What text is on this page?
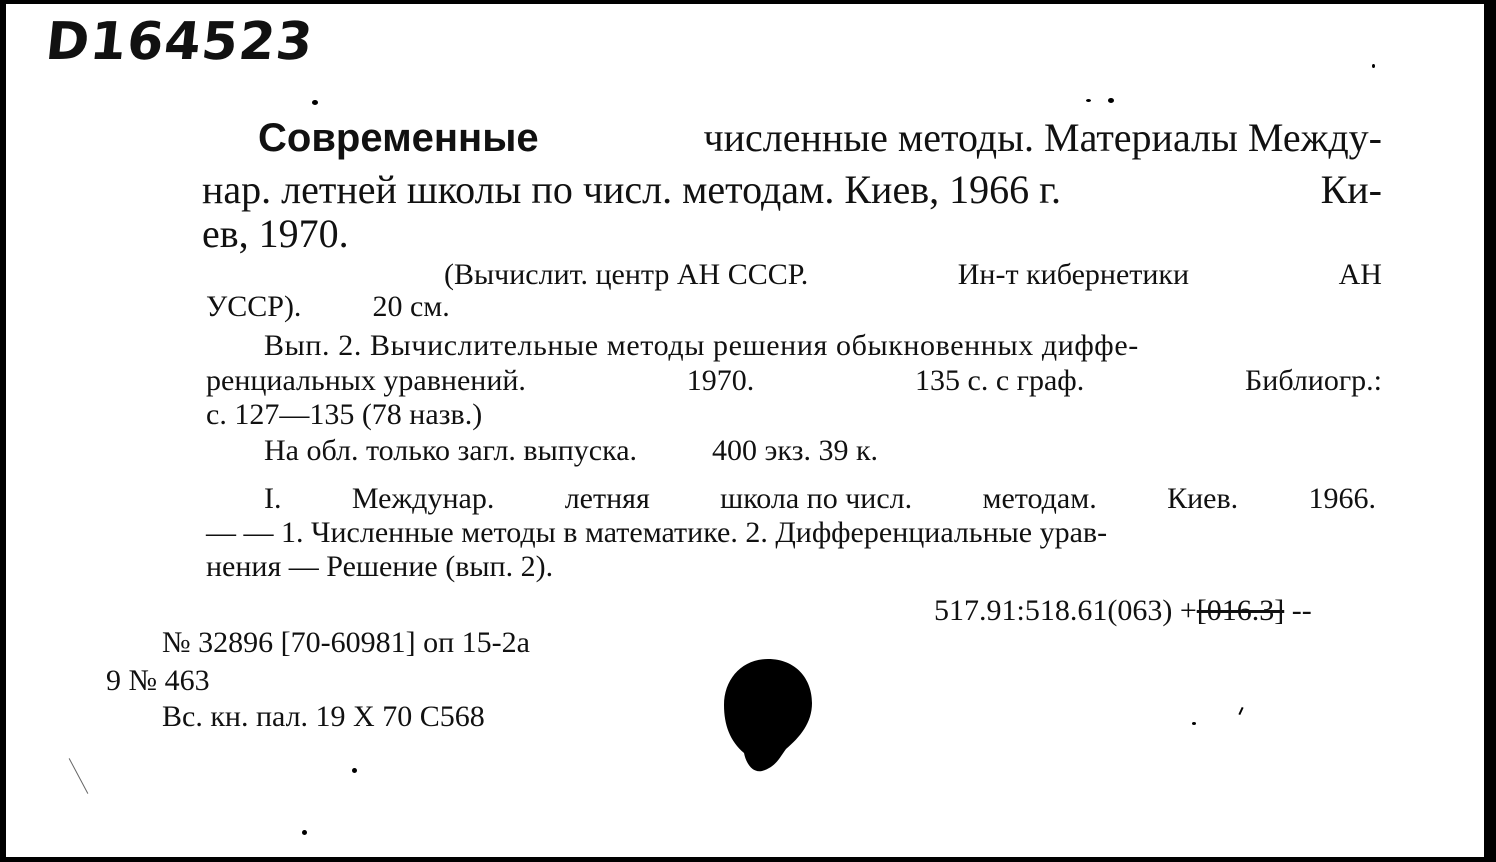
D164523
Современные	численные методы. Материалы Между-
нар. летней школы по числ. методам. Киев, 1966 г.	Ки-
ев, 1970.
(Вычислит. центр АН СССР.	Ин-т кибернетики	АН
УССР). 20 см.
Вып. 2. Вычислительные методы решения обыкновенных диффе-
ренциальных уравнений.	1970.	135 с. с граф.	Библиогр.:
с. 127—135 (78 назв.)
На обл. только загл. выпуска.	400 экз. 39 к.
I. Междунар. летняя школа по числ. методам. Киев. 1966.
— — 1. Численные методы в математике. 2. Дифференциальные урав-
нения — Решение (вып. 2).
517.91:518.61(063) +[016.3] --
№ 32896 [70-60981] оп 15-2а
9 № 463
Вс. кн. пал. 19 X 70 С568
